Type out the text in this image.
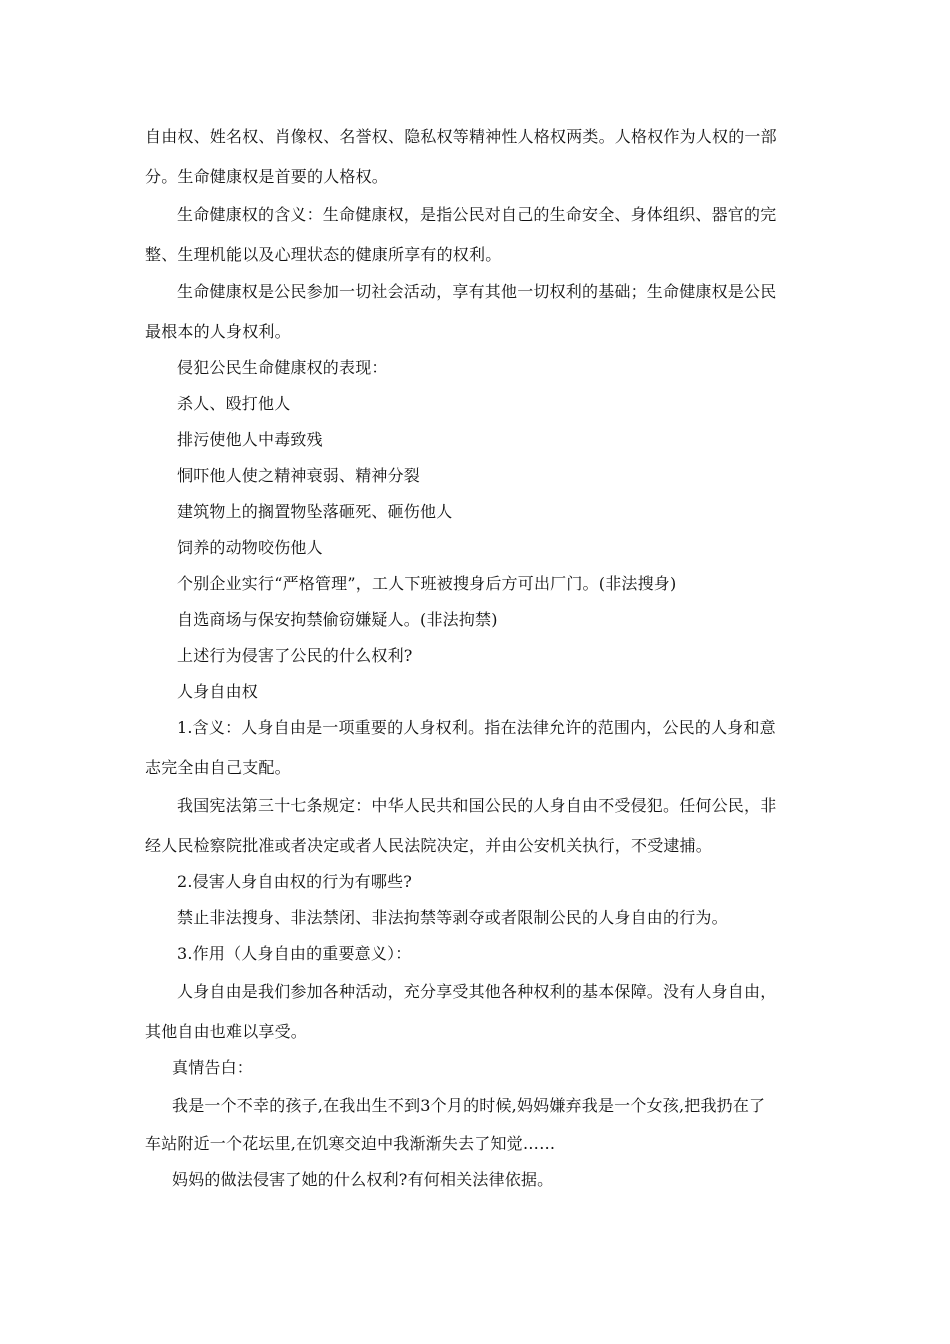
自由权、姓名权、肖像权、名誉权、隐私权等精神性人格权两类。人格权作为人权的一部
分。生命健康权是首要的人格权。
生命健康权的含义：生命健康权，是指公民对自己的生命安全、身体组织、器官的完
整、生理机能以及心理状态的健康所享有的权利。
生命健康权是公民参加一切社会活动，享有其他一切权利的基础；生命健康权是公民
最根本的人身权利。
侵犯公民生命健康权的表现：
杀人、殴打他人
排污使他人中毒致残
恫吓他人使之精神衰弱、精神分裂
建筑物上的搁置物坠落砸死、砸伤他人
饲养的动物咬伤他人
个别企业实行“严格管理”，工人下班被搜身后方可出厂门。(非法搜身)
自选商场与保安拘禁偷窃嫌疑人。(非法拘禁)
上述行为侵害了公民的什么权利?
人身自由权
1.含义：人身自由是一项重要的人身权利。指在法律允许的范围内，公民的人身和意
志完全由自己支配。
我国宪法第三十七条规定：中华人民共和国公民的人身自由不受侵犯。任何公民，非
经人民检察院批准或者决定或者人民法院决定，并由公安机关执行，不受逮捕。
2.侵害人身自由权的行为有哪些?
禁止非法搜身、非法禁闭、非法拘禁等剥夺或者限制公民的人身自由的行为。
3.作用（人身自由的重要意义）：
人身自由是我们参加各种活动，充分享受其他各种权利的基本保障。没有人身自由，
其他自由也难以享受。
真情告白：
我是一个不幸的孩子,在我出生不到3个月的时候,妈妈嫌弃我是一个女孩,把我扔在了
车站附近一个花坛里,在饥寒交迫中我渐渐失去了知觉……
妈妈的做法侵害了她的什么权利?有何相关法律依据。
